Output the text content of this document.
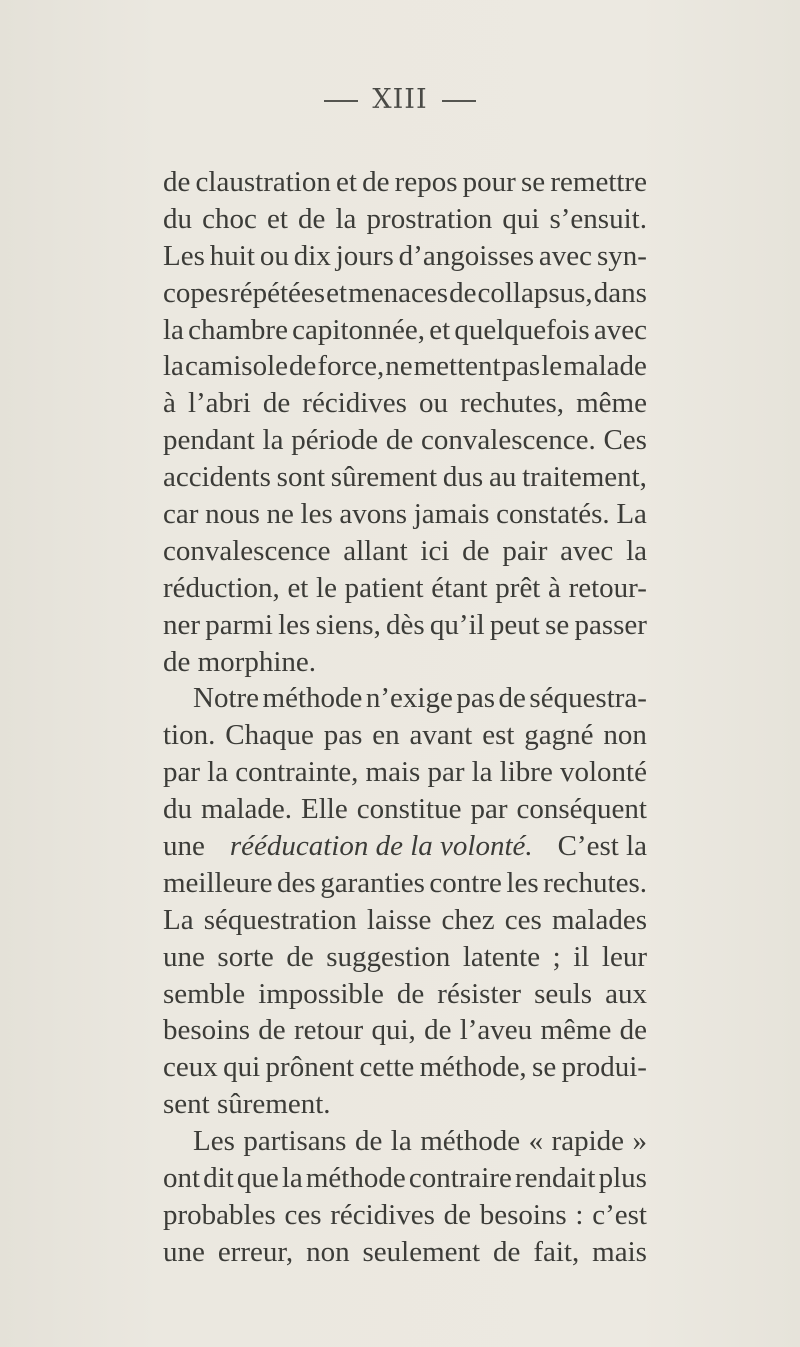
XIII
de claustration et de repos pour se remettre
du choc et de la prostration qui s’ensuit.
Les huit ou dix jours d’angoisses avec syn-
copes répétées et menaces de collapsus, dans
la chambre capitonnée, et quelquefois avec
la camisole de force, ne mettent pas le malade
à l’abri de récidives ou rechutes, même
pendant la période de convalescence. Ces
accidents sont sûrement dus au traitement,
car nous ne les avons jamais constatés. La
convalescence allant ici de pair avec la
réduction, et le patient étant prêt à retour-
ner parmi les siens, dès qu’il peut se passer
de morphine.
Notre méthode n’exige pas de séquestra-
tion. Chaque pas en avant est gagné non
par la contrainte, mais par la libre volonté
du malade. Elle constitue par conséquent
une rééducation de la volonté. C’est la
meilleure des garanties contre les rechutes.
La séquestration laisse chez ces malades
une sorte de suggestion latente ; il leur
semble impossible de résister seuls aux
besoins de retour qui, de l’aveu même de
ceux qui prônent cette méthode, se produi-
sent sûrement.
Les partisans de la méthode « rapide »
ont dit que la méthode contraire rendait plus
probables ces récidives de besoins : c’est
une erreur, non seulement de fait, mais
